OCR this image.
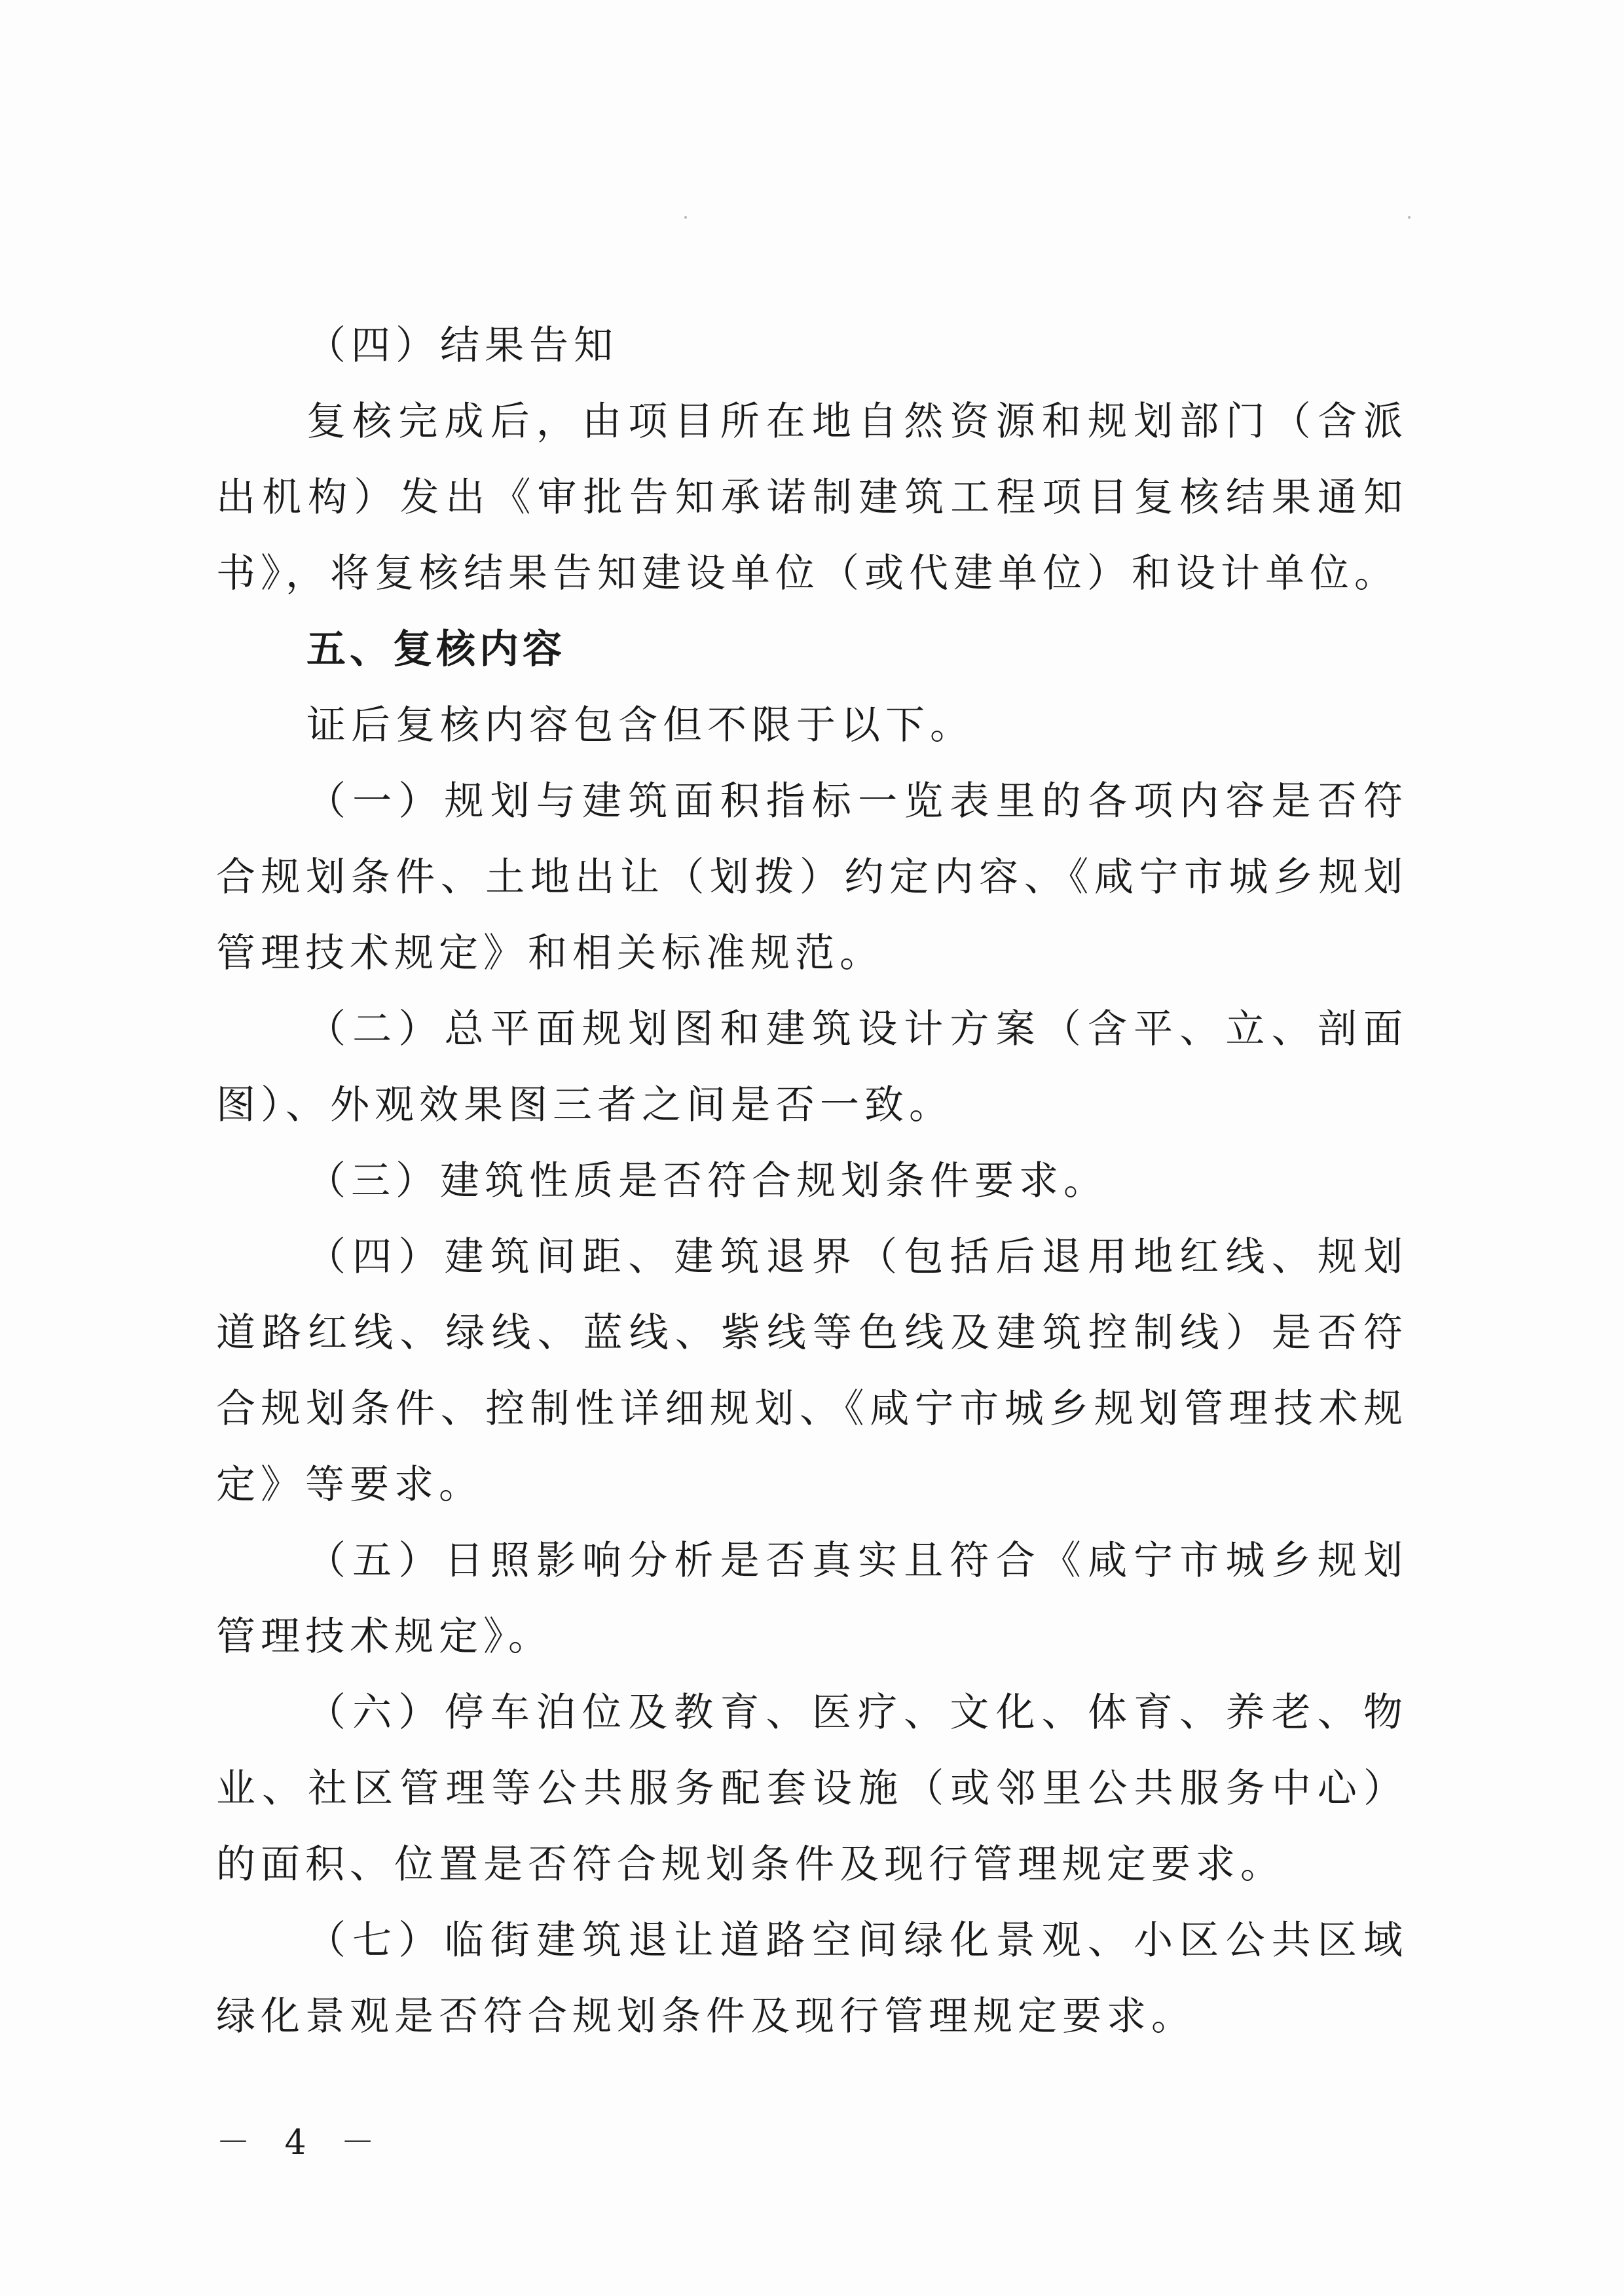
（四）结果告知

复核完成后，由项目所在地自然资源和规划部门（含派出机构）发出《审批告知承诺制建筑工程项目复核结果通知书》，将复核结果告知建设单位（或代建单位）和设计单位。

五、复核内容

证后复核内容包含但不限于以下。

（一）规划与建筑面积指标一览表里的各项内容是否符合规划条件、土地出让（划拨）约定内容、《咸宁市城乡规划管理技术规定》和相关标准规范。

（二）总平面规划图和建筑设计方案（含平、立、剖面图）、外观效果图三者之间是否一致。

（三）建筑性质是否符合规划条件要求。

（四）建筑间距、建筑退界（包括后退用地红线、规划道路红线、绿线、蓝线、紫线等色线及建筑控制线）是否符合规划条件、控制性详细规划、《咸宁市城乡规划管理技术规定》等要求。

（五）日照影响分析是否真实且符合《咸宁市城乡规划管理技术规定》。

（六）停车泊位及教育、医疗、文化、体育、养老、物业、社区管理等公共服务配套设施（或邻里公共服务中心）的面积、位置是否符合规划条件及现行管理规定要求。

（七）临街建筑退让道路空间绿化景观、小区公共区域绿化景观是否符合规划条件及现行管理规定要求。

－ 4 －
